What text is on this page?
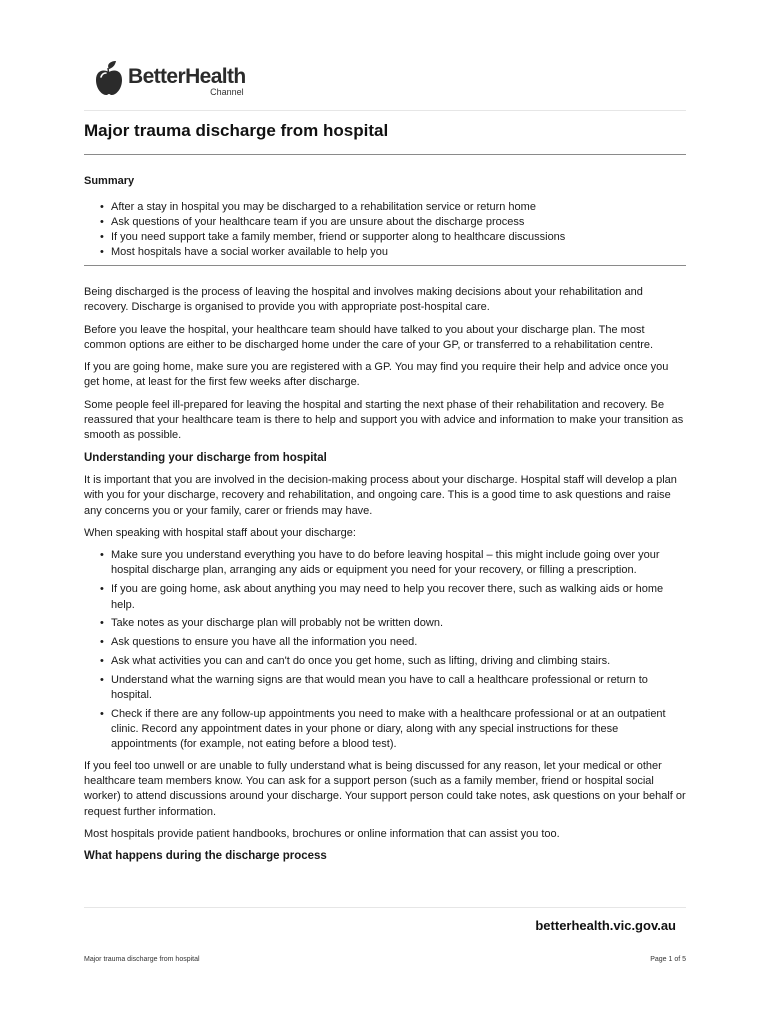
BetterHealth
Channel
Major trauma discharge from hospital
Summary
• After a stay in hospital you may be discharged to a rehabilitation service or return home
• Ask questions of your healthcare team if you are unsure about the discharge process
• If you need support take a family member, friend or supporter along to healthcare discussions
• Most hospitals have a social worker available to help you

Being discharged is the process of leaving the hospital and involves making decisions about your rehabilitation and recovery. Discharge is organised to provide you with appropriate post-hospital care.

Before you leave the hospital, your healthcare team should have talked to you about your discharge plan. The most common options are either to be discharged home under the care of your GP, or transferred to a rehabilitation centre.

If you are going home, make sure you are registered with a GP. You may find you require their help and advice once you get home, at least for the first few weeks after discharge.

Some people feel ill-prepared for leaving the hospital and starting the next phase of their rehabilitation and recovery. Be reassured that your healthcare team is there to help and support you with advice and information to make your transition as smooth as possible.

Understanding your discharge from hospital

It is important that you are involved in the decision-making process about your discharge. Hospital staff will develop a plan with you for your discharge, recovery and rehabilitation, and ongoing care. This is a good time to ask questions and raise any concerns you or your family, carer or friends may have.

When speaking with hospital staff about your discharge:

• Make sure you understand everything you have to do before leaving hospital – this might include going over your hospital discharge plan, arranging any aids or equipment you need for your recovery, or filling a prescription.
• If you are going home, ask about anything you may need to help you recover there, such as walking aids or home help.
• Take notes as your discharge plan will probably not be written down.
• Ask questions to ensure you have all the information you need.
• Ask what activities you can and can't do once you get home, such as lifting, driving and climbing stairs.
• Understand what the warning signs are that would mean you have to call a healthcare professional or return to hospital.
• Check if there are any follow-up appointments you need to make with a healthcare professional or at an outpatient clinic. Record any appointment dates in your phone or diary, along with any special instructions for these appointments (for example, not eating before a blood test).

If you feel too unwell or are unable to fully understand what is being discussed for any reason, let your medical or other healthcare team members know. You can ask for a support person (such as a family member, friend or hospital social worker) to attend discussions around your discharge. Your support person could take notes, ask questions on your behalf or request further information.

Most hospitals provide patient handbooks, brochures or online information that can assist you too.

What happens during the discharge process
betterhealth.vic.gov.au
Major trauma discharge from hospital	Page 1 of 5
